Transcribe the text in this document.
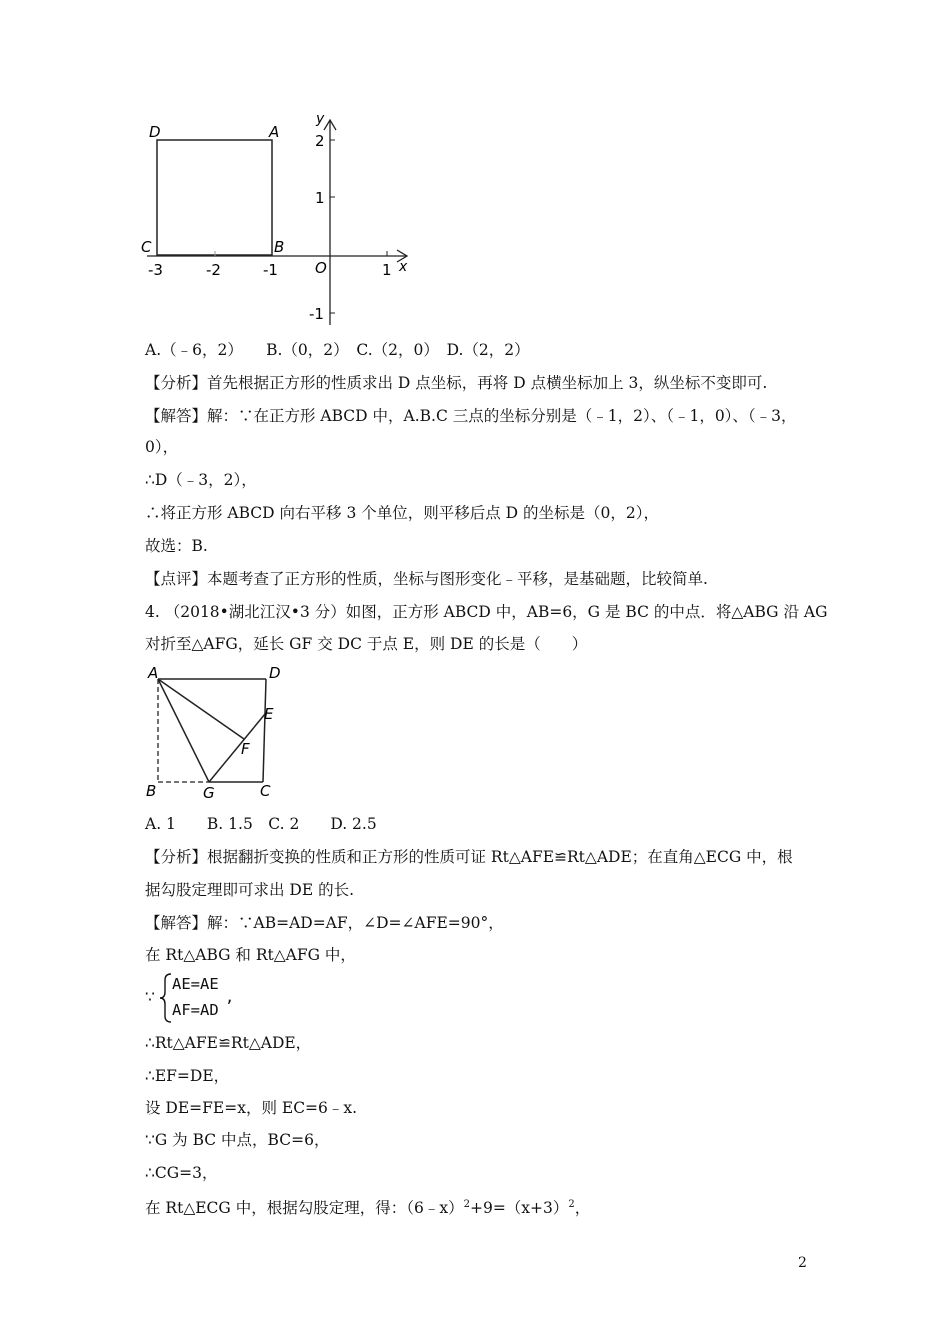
D	A
C	B
y
x
O
-3	-2	-1	1
2
1
-1
A.（﹣6，2）　　B.（0，2）　C.（2，0）　D.（2，2）
【分析】首先根据正方形的性质求出 D 点坐标，再将 D 点横坐标加上 3，纵坐标不变即可.
【解答】解：∵在正方形 ABCD 中，A.B.C 三点的坐标分别是（﹣1，2）、（﹣1，0）、（﹣3，
0），
∴D（﹣3，2），
∴将正方形 ABCD 向右平移 3 个单位，则平移后点 D 的坐标是（0，2），
故选：B.
【点评】本题考查了正方形的性质，坐标与图形变化﹣平移，是基础题，比较简单.
4. （2018•湖北江汉•3 分）如图，正方形 ABCD 中，AB=6，G 是 BC 的中点．将△ABG 沿 AG
对折至△AFG，延长 GF 交 DC 于点 E，则 DE 的长是（　　）
A	D
E
F
B	G	C
A. 1　　B. 1.5　C. 2　　D. 2.5
【分析】根据翻折变换的性质和正方形的性质可证 Rt△AFE≌Rt△ADE；在直角△ECG 中，根
据勾股定理即可求出 DE 的长.
【解答】解：∵AB=AD=AF，∠D=∠AFE=90°，
在 Rt△ABG 和 Rt△AFG 中，
∵
AE=AE
AF=AD
,
∴Rt△AFE≌Rt△ADE，
∴EF=DE，
设 DE=FE=x，则 EC=6﹣x.
∵G 为 BC 中点，BC=6，
∴CG=3，
在 Rt△ECG 中，根据勾股定理，得：$(6﹣x)^2+9=(x+3)^2$，
2
